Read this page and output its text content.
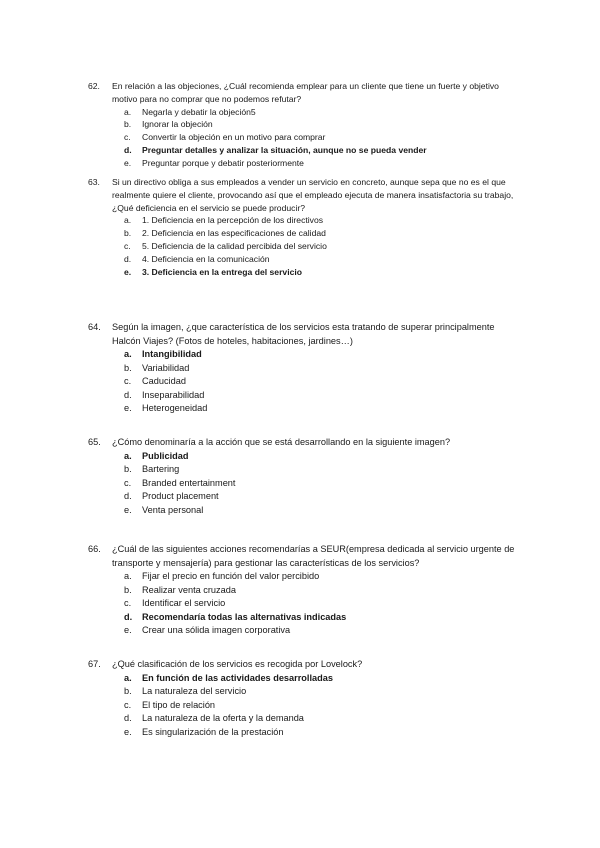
62.	En relación a las objeciones, ¿Cuál recomienda emplear para un cliente que tiene un fuerte y objetivo motivo para no comprar que no podemos refutar?
a.	Negarla y debatir la objeción5
b.	Ignorar la objeción
c.	Convertir la objeción en un motivo para comprar
d.	Preguntar detalles y analizar la situación, aunque no se pueda vender
e.	Preguntar porque y debatir posteriormente
63.	Si un directivo obliga a sus empleados a vender un servicio en concreto, aunque sepa que no es el que realmente quiere el cliente, provocando así que el empleado ejecuta de manera insatisfactoria su trabajo, ¿Qué deficiencia en el servicio se puede producir?
a.	1. Deficiencia en la percepción de los directivos
b.	2. Deficiencia en las especificaciones de calidad
c.	5. Deficiencia de la calidad percibida del servicio
d.	4. Deficiencia en la comunicación
e.	3. Deficiencia en la entrega del servicio
64.	Según la imagen, ¿que característica de los servicios esta tratando de superar principalmente Halcón Viajes? (Fotos de hoteles, habitaciones, jardines…)
a.	Intangibilidad
b.	Variabilidad
c.	Caducidad
d.	Inseparabilidad
e.	Heterogeneidad
65.	¿Cómo denominaría a la acción que se está desarrollando en la siguiente imagen?
a.	Publicidad
b.	Bartering
c.	Branded entertainment
d.	Product placement
e.	Venta personal
66.	¿Cuál de las siguientes acciones recomendarías a SEUR(empresa dedicada al servicio urgente de transporte y mensajería) para gestionar las características de los servicios?
a.	Fijar el precio en función del valor percibido
b.	Realizar venta cruzada
c.	Identificar el servicio
d.	Recomendaría todas las alternativas indicadas
e.	Crear una sólida imagen corporativa
67.	¿Qué clasificación de los servicios es recogida por Lovelock?
a.	En función de las actividades desarrolladas
b.	La naturaleza del servicio
c.	El tipo de relación
d.	La naturaleza de la oferta y la demanda
e.	Es singularización de la prestación
